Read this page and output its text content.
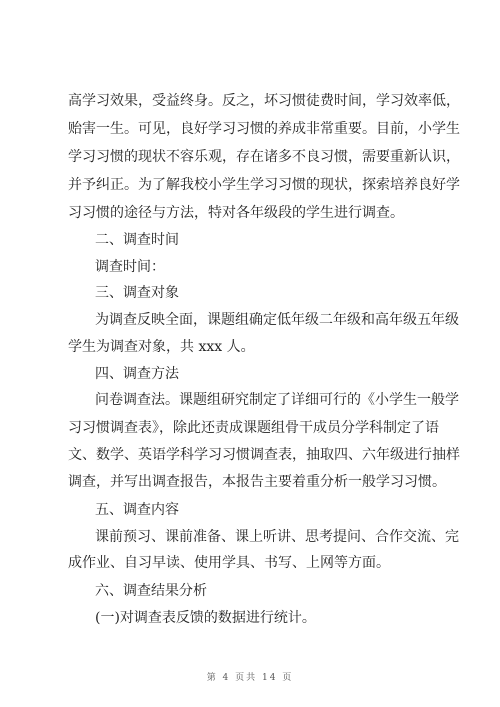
高学习效果，受益终身。反之，坏习惯徒费时间，学习效率低，
贻害一生。可见，良好学习习惯的养成非常重要。目前，小学生
学习习惯的现状不容乐观，存在诸多不良习惯，需要重新认识，
并予纠正。为了解我校小学生学习习惯的现状，探索培养良好学
习习惯的途径与方法，特对各年级段的学生进行调查。
二、调查时间
调查时间：
三、调查对象
为调查反映全面，课题组确定低年级二年级和高年级五年级
学生为调查对象，共 xxx 人。
四、调查方法
问卷调查法。课题组研究制定了详细可行的《小学生一般学
习习惯调查表》，除此还责成课题组骨干成员分学科制定了语
文、数学、英语学科学习习惯调查表，抽取四、六年级进行抽样
调查，并写出调查报告，本报告主要着重分析一般学习习惯。
五、调查内容
课前预习、课前准备、课上听讲、思考提问、合作交流、完
成作业、自习早读、使用学具、书写、上网等方面。
六、调查结果分析
(一)对调查表反馈的数据进行统计。
第 4 页共 14 页
